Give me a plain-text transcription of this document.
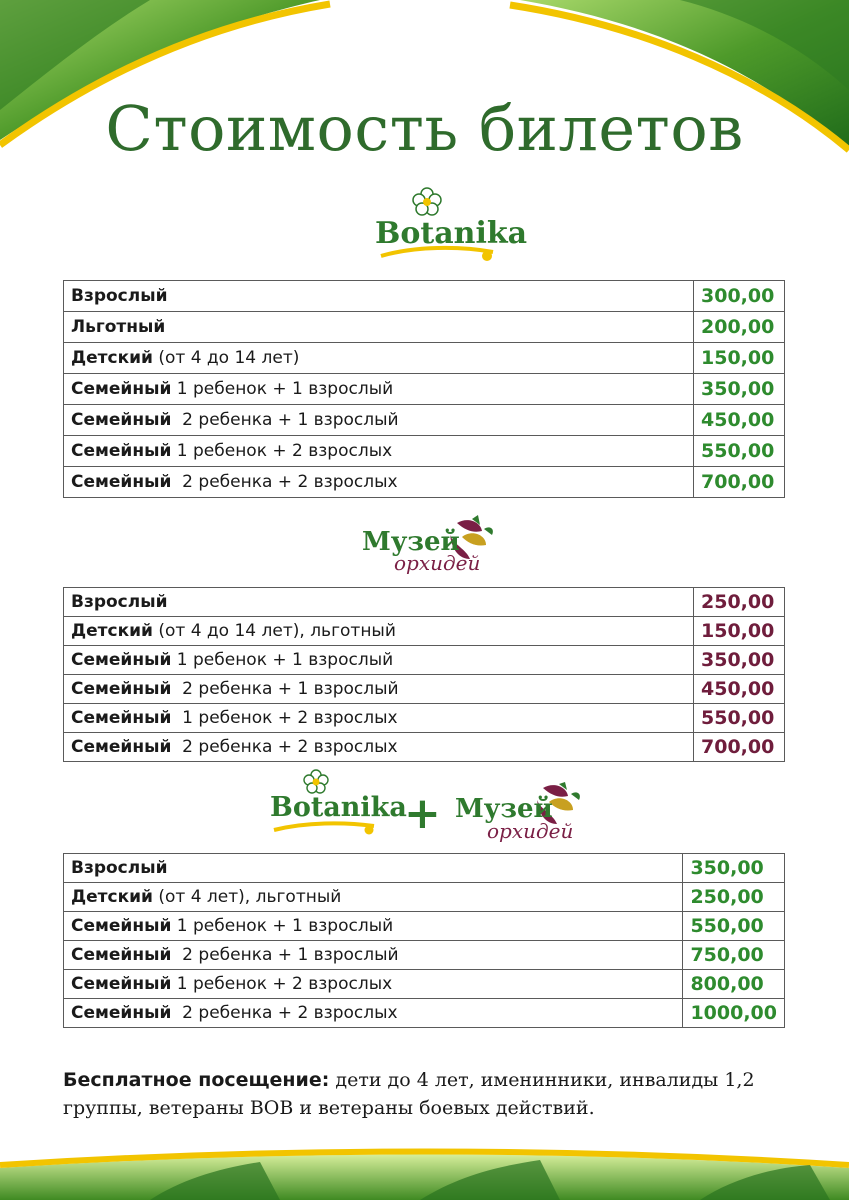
Стоимость билетов
Botanika
Взрослый	300,00
Льготный	200,00
Детский (от 4 до 14 лет)	150,00
Семейный 1 ребенок + 1 взрослый	350,00
Семейный  2 ребенка + 1 взрослый	450,00
Семейный 1 ребенок + 2 взрослых	550,00
Семейный  2 ребенка + 2 взрослых	700,00
Музей
орхидей
Взрослый	250,00
Детский (от 4 до 14 лет), льготный	150,00
Семейный 1 ребенок + 1 взрослый	350,00
Семейный  2 ребенка + 1 взрослый	450,00
Семейный  1 ребенок + 2 взрослых	550,00
Семейный  2 ребенка + 2 взрослых	700,00
Botanika
+ Музей
орхидей
Взрослый	350,00
Детский (от 4 лет), льготный	250,00
Семейный 1 ребенок + 1 взрослый	550,00
Семейный  2 ребенка + 1 взрослый	750,00
Семейный 1 ребенок + 2 взрослых	800,00
Семейный  2 ребенка + 2 взрослых	1000,00

Бесплатное посещение: дети до 4 лет, именинники, инвалиды 1,2 группы, ветераны ВОВ и ветераны боевых действий.
